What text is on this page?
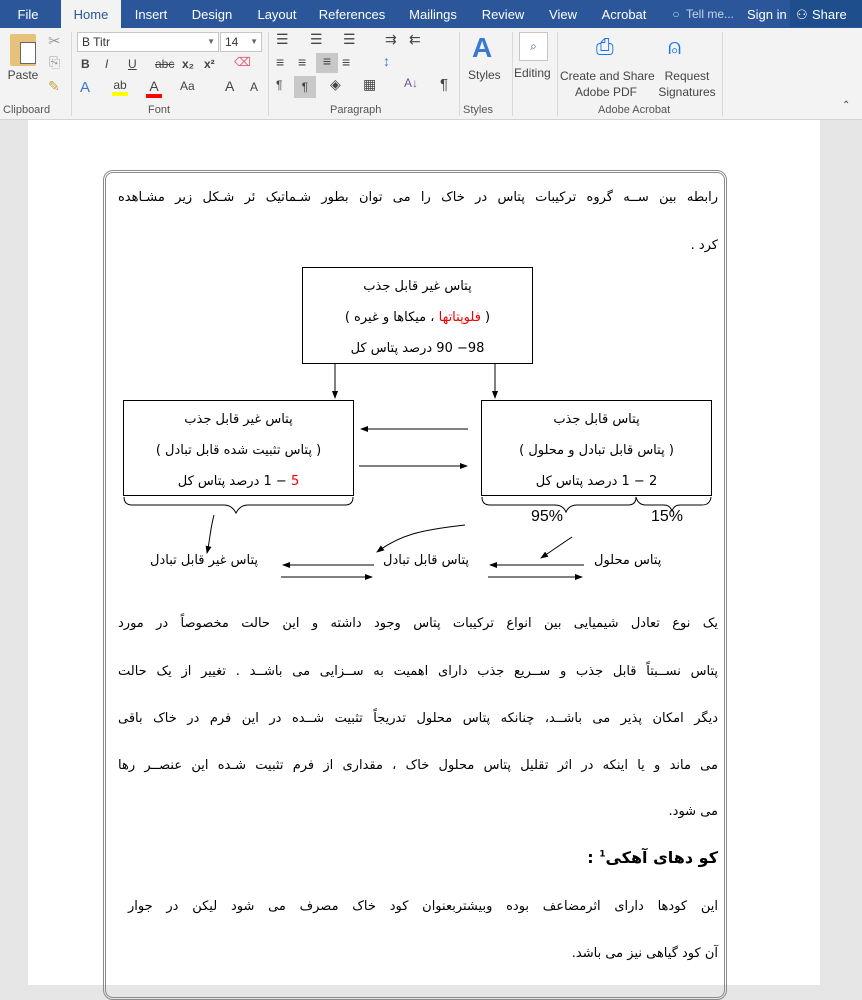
File	Home	Insert	Design	Layout	References	Mailings	Review	View	Acrobat	○ Tell me... Sign in ⚇ Share
Paste
✂
⎘
✎
Clipboard
B Titr	▼ 14 ▼
B I U abc x₂ x² ⌫
A ab A Aa A A
Font
☰ ☰ ☰ ⇉ ⇇
≡ ≡	≡ ≡ ↕
¶	¶	◈ ▦ A↓ ¶
Paragraph
A
Styles
Styles
⌕
Editing
⎙
Create and Share
Adobe PDF
⍝
Request
Signatures
Adobe Acrobat	⌃
رابطه بین ســه گروه ترکیبات پتاس در خاک را می توان بطور شـماتیک ئر شـکل زیر مشـاهده
کرد .
پتاس غیر قابل جذب
( فلوپتاتها ، میکاها و غیره )
98− 90 درصد پتاس کل
پتاس غیر قابل جذب
( پتاس تثبیت شده قابل تبادل )
5 − 1 درصد پتاس کل
پتاس قابل جذب
( پتاس قابل تبادل و محلول )
2 − 1 درصد پتاس کل
95%	15%
پتاس غیر قابل تبادل	پتاس قابل تبادل	پتاس محلول
یک نوع تعادل شیمیایی بین انواع ترکیبات پتاس وجود داشته و این حالت مخصوصاً در مورد
پتاس نســبتاً قابل جذب و ســریع جذب دارای اهمیت به ســزایی می باشــد . تغییر از یک حالت
دیگر امکان پذیر می باشــد، چنانکه پتاس محلول تدریجاً تثبیت شــده در این فرم در خاک باقی
می ماند و یا اینکه در اثر تقلیل پتاس محلول خاک ، مقداری از فرم تثبیت شـده این عنصــر رها
می شود.
کو دهای آهکی$^1$ :
این کودها دارای اثرمضاعف بوده وبیشتربعنوان کود خاک مصرف می شود لیکن در جوار
آن کود گیاهی نیز می باشد.
